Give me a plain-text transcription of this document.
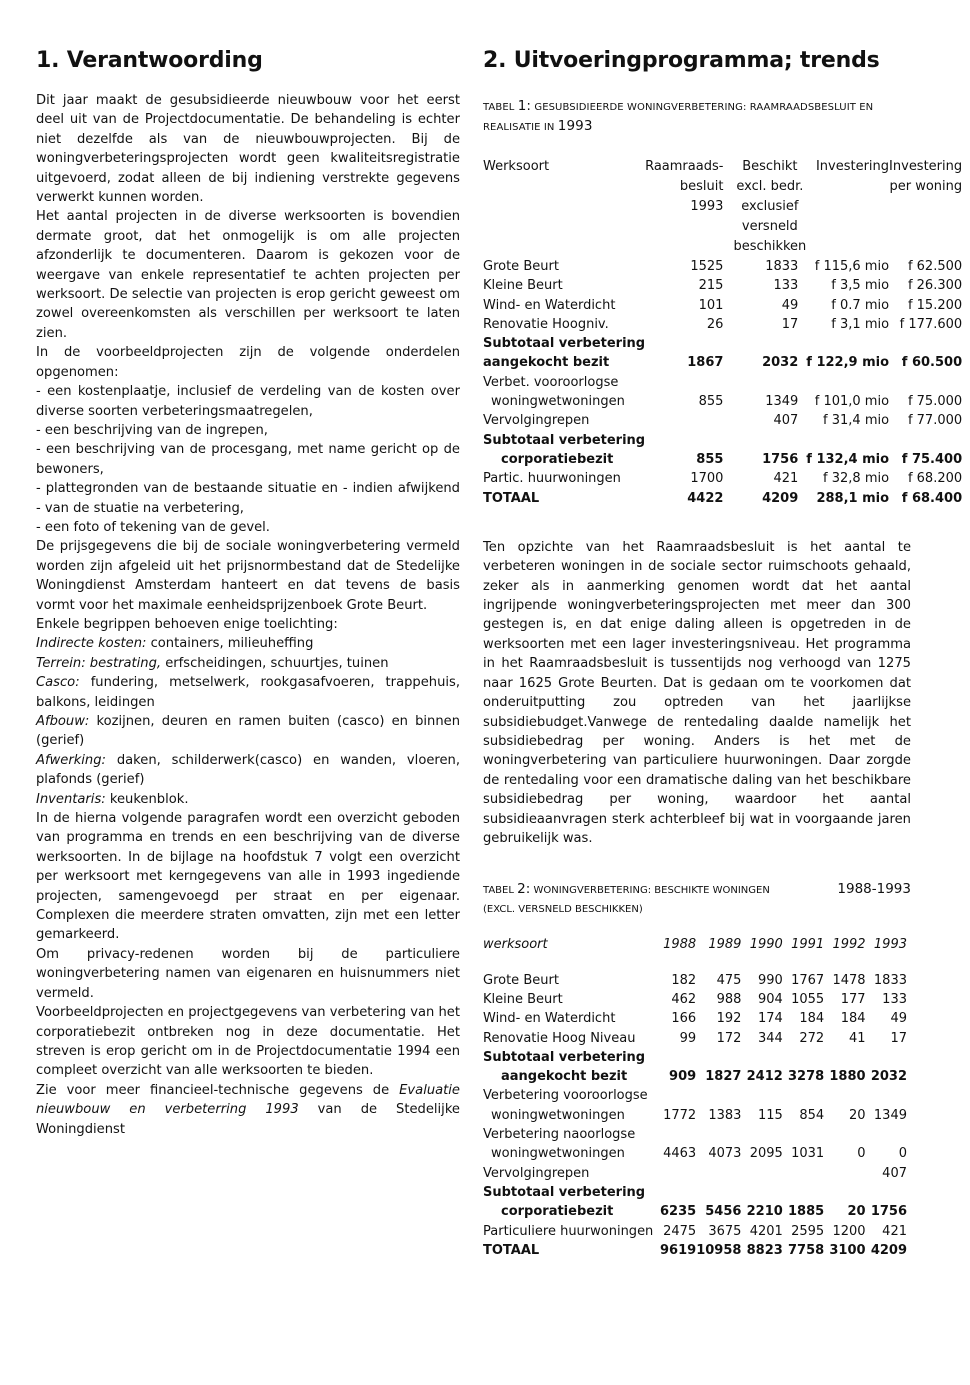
1. Verantwoording

Dit jaar maakt de gesubsidieerde nieuwbouw voor het eerst deel uit van de Projectdocumentatie. De behandeling is echter niet dezelfde als van de nieuwbouwprojecten. Bij de woningverbeteringsprojecten wordt geen kwaliteitsregistratie uitgevoerd, zodat alleen de bij indiening verstrekte gegevens verwerkt kunnen worden.

Het aantal projecten in de diverse werksoorten is bovendien dermate groot, dat het onmogelijk is om alle projecten afzonderlijk te documenteren. Daarom is gekozen voor de weergave van enkele representatief te achten projecten per werksoort. De selectie van projecten is erop gericht geweest om zowel overeenkomsten als verschillen per werksoort te laten zien.

In de voorbeeldprojecten zijn de volgende onderdelen opgenomen:

- een kostenplaatje, inclusief de verdeling van de kosten over diverse soorten verbeteringsmaatregelen,

- een beschrijving van de ingrepen,

- een beschrijving van de procesgang, met name gericht op de bewoners,

- plattegronden van de bestaande situatie en - indien afwijkend - van de stuatie na verbetering,

- een foto of tekening van de gevel.

De prijsgegevens die bij de sociale woningverbetering vermeld worden zijn afgeleid uit het prijsnormbestand dat de Stedelijke Woningdienst Amsterdam hanteert en dat tevens de basis vormt voor het maximale eenheidsprijzenboek Grote Beurt.

Enkele begrippen behoeven enige toelichting:

Indirecte kosten: containers, milieuheffing

Terrein: bestrating, erfscheidingen, schuurtjes, tuinen

Casco: fundering, metselwerk, rookgasafvoeren, trappehuis, balkons, leidingen

Afbouw: kozijnen, deuren en ramen buiten (casco) en binnen (gerief)

Afwerking: daken, schilderwerk(casco) en wanden, vloeren, plafonds (gerief)

Inventaris: keukenblok.

In de hierna volgende paragrafen wordt een overzicht geboden van programma en trends en een beschrijving van de diverse werksoorten. In de bijlage na hoofdstuk 7 volgt een overzicht per werksoort met kerngegevens van alle in 1993 ingediende projecten, samengevoegd per straat en per eigenaar. Complexen die meerdere straten omvatten, zijn met een letter gemarkeerd.

Om privacy-redenen worden bij de particuliere woningverbetering namen van eigenaren en huisnummers niet vermeld.

Voorbeeldprojecten en projectgegevens van verbetering van het corporatiebezit ontbreken nog in deze documentatie. Het streven is erop gericht om in de Projectdocumentatie 1994 een compleet overzicht van alle werksoorten te bieden.

Zie voor meer financieel-technische gegevens de Evaluatie nieuwbouw en verbeterring 1993 van de Stedelijke Woningdienst

2. Uitvoeringprogramma; trends
TABEL 1: GESUBSIDIEERDE WONINGVERBETERING: RAAMRAADSBESLUIT EN REALISATIE IN 1993
Werksoort	Raamraads-besluit 1993	Beschikt excl. bedr. exclusief versneld beschikken	Investering	Investering per woning
Grote Beurt	1525	1833	f 115,6 mio	f 62.500
Kleine Beurt	215	133	f 3,5 mio	f 26.300
Wind- en Waterdicht	101	49	f 0.7 mio	f 15.200
Renovatie Hoogniv.	26	17	f 3,1 mio	f 177.600
Subtotaal verbetering				
aangekocht bezit	1867	2032	f 122,9 mio	f 60.500
Verbet. vooroorlogse				
woningwetwoningen	855	1349	f 101,0 mio	f 75.000
Vervolgingrepen		407	f 31,4 mio	f 77.000
Subtotaal verbetering				
corporatiebezit	855	1756	f 132,4 mio	f 75.400
Partic. huurwoningen	1700	421	f 32,8 mio	f 68.200
TOTAAL	4422	4209	288,1 mio	f 68.400

Ten opzichte van het Raamraadsbesluit is het aantal te verbeteren woningen in de sociale sector ruimschoots gehaald, zeker als in aanmerking genomen wordt dat het aantal ingrijpende woningverbeteringsprojecten met meer dan 300 gestegen is, en dat enige daling alleen is opgetreden in de werksoorten met een lager investeringsniveau. Het programma in het Raamraadsbesluit is tussentijds nog verhoogd van 1275 naar 1625 Grote Beurten. Dat is gedaan om te voorkomen dat onderuitputting zou optreden van het jaarlijkse subsidiebudget.Vanwege de rentedaling daalde namelijk het subsidiebedrag per woning. Anders is het met de woningverbetering van particuliere huurwoningen. Daar zorgde de rentedaling voor een dramatische daling van het beschikbare subsidiebedrag per woning, waardoor het aantal subsidieaanvragen sterk achterbleef bij wat in voorgaande jaren gebruikelijk was.

TABEL 2: WONINGVERBETERING: BESCHIKTE WONINGEN	1988-1993
(EXCL. VERSNELD BESCHIKKEN)
werksoort	1988	1989	1990	1991	1992	1993
Grote Beurt	182	475	990	1767	1478	1833
Kleine Beurt	462	988	904	1055	177	133
Wind- en Waterdicht	166	192	174	184	184	49
Renovatie Hoog Niveau	99	172	344	272	41	17
Subtotaal verbetering						
aangekocht bezit	909	1827	2412	3278	1880	2032
Verbetering vooroorlogse						
woningwetwoningen	1772	1383	115	854	20	1349
Verbetering naoorlogse						
woningwetwoningen	4463	4073	2095	1031	0	0
Vervolgingrepen						407
Subtotaal verbetering						
corporatiebezit	6235	5456	2210	1885	20	1756
Particuliere huurwoningen	2475	3675	4201	2595	1200	421
TOTAAL	9619	10958	8823	7758	3100	4209
